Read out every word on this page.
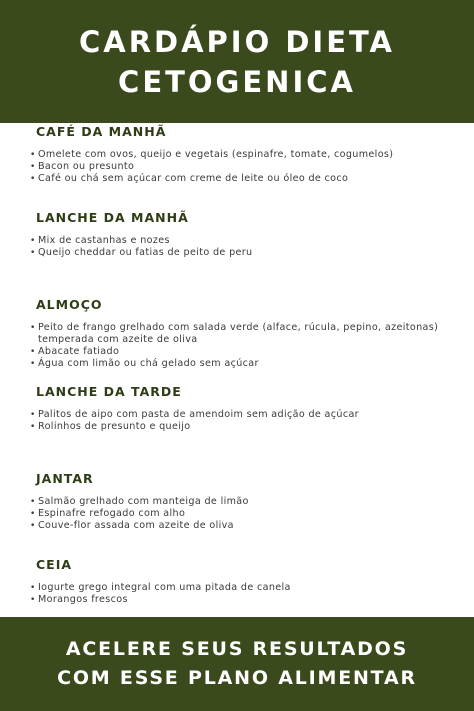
CARDÁPIO DIETA
CETOGENICA
CAFÉ DA MANHÃ
• Omelete com ovos, queijo e vegetais (espinafre, tomate, cogumelos)
• Bacon ou presunto
• Café ou chá sem açúcar com creme de leite ou óleo de coco
LANCHE DA MANHÃ
• Mix de castanhas e nozes
• Queijo cheddar ou fatias de peito de peru
ALMOÇO
• Peito de frango grelhado com salada verde (alface, rúcula, pepino, azeitonas) temperada com azeite de oliva
• Abacate fatiado
• Água com limão ou chá gelado sem açúcar
LANCHE DA TARDE
• Palitos de aipo com pasta de amendoim sem adição de açúcar
• Rolinhos de presunto e queijo
JANTAR
• Salmão grelhado com manteiga de limão
• Espinafre refogado com alho
• Couve-flor assada com azeite de oliva
CEIA
• Iogurte grego integral com uma pitada de canela
• Morangos frescos
ACELERE SEUS RESULTADOS
COM ESSE PLANO ALIMENTAR
